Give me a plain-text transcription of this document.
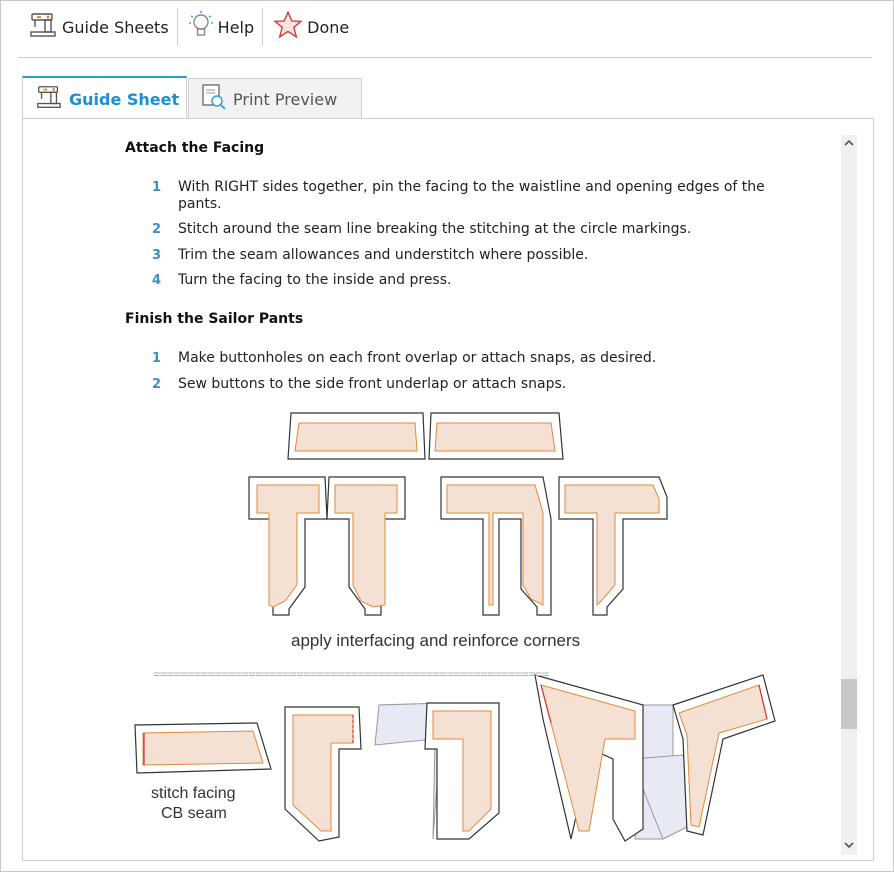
Guide Sheets	Help	Done
Guide Sheet	Print Preview
Attach the Facing
1 With RIGHT sides together, pin the facing to the waistline and opening edges of the pants.
2 Stitch around the seam line breaking the stitching at the circle markings.
3 Trim the seam allowances and understitch where possible.
4 Turn the facing to the inside and press.
Finish the Sailor Pants
1 Make buttonholes on each front overlap or attach snaps, as desired.
2 Sew buttons to the side front underlap or attach snaps.
apply interfacing and reinforce corners
==========================================================
stitch facing
CB seam
